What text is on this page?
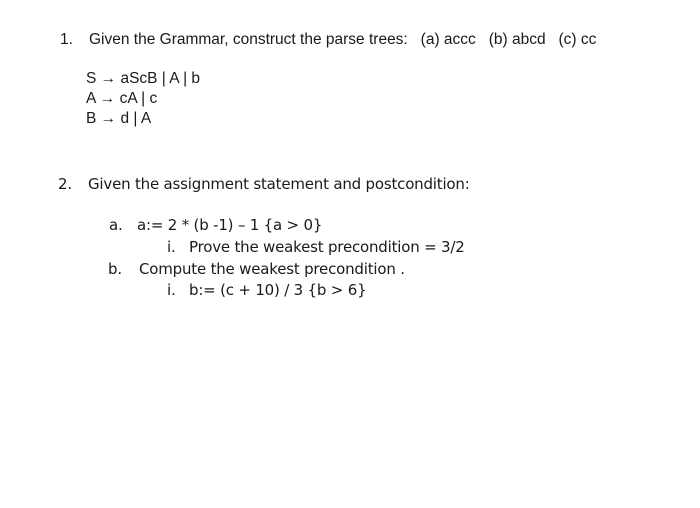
1. Given the Grammar, construct the parse trees:   (a) accc   (b) abcd   (c) cc
S → aScB | A | b
A → cA | c
B → d | A
2. Given the assignment statement and postcondition:
a. a:= 2 * (b -1) – 1 {a > 0}
i. Prove the weakest precondition = 3/2
b. Compute the weakest precondition .
i. b:= (c + 10) / 3 {b > 6}
